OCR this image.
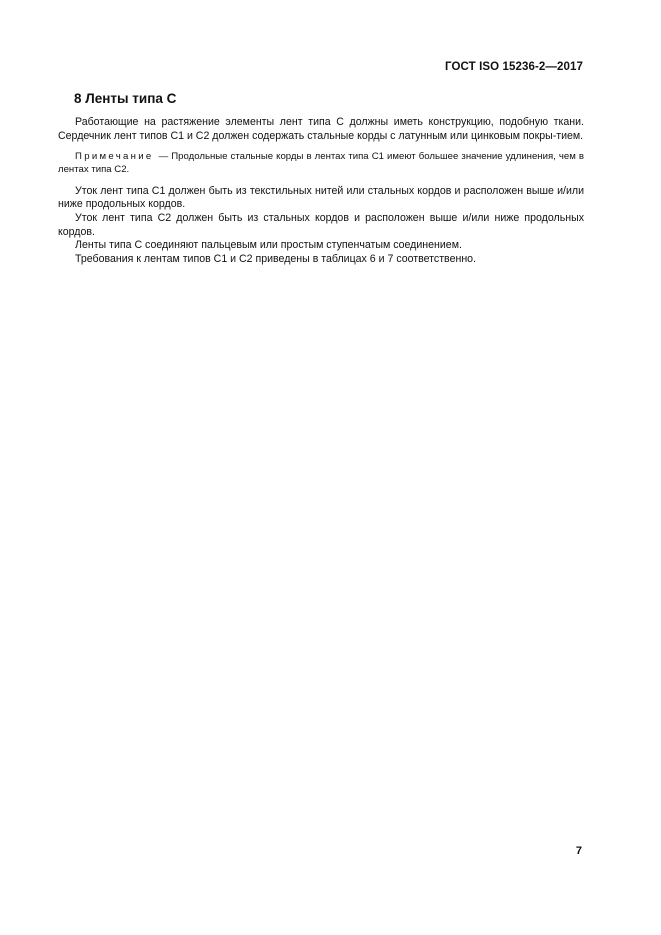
ГОСТ ISO 15236-2—2017
8 Ленты типа С

Работающие на растяжение элементы лент типа С должны иметь конструкцию, подобную ткани. Сердечник лент типов С1 и С2 должен содержать стальные корды с латунным или цинковым покры-тием.

Примечание — Продольные стальные корды в лентах типа С1 имеют большее значение удлинения, чем в лентах типа С2.

Уток лент типа С1 должен быть из текстильных нитей или стальных кордов и расположен выше и/или ниже продольных кордов.

Уток лент типа С2 должен быть из стальных кордов и расположен выше и/или ниже продольных кордов.

Ленты типа С соединяют пальцевым или простым ступенчатым соединением.

Требования к лентам типов С1 и С2 приведены в таблицах 6 и 7 соответственно.

7
